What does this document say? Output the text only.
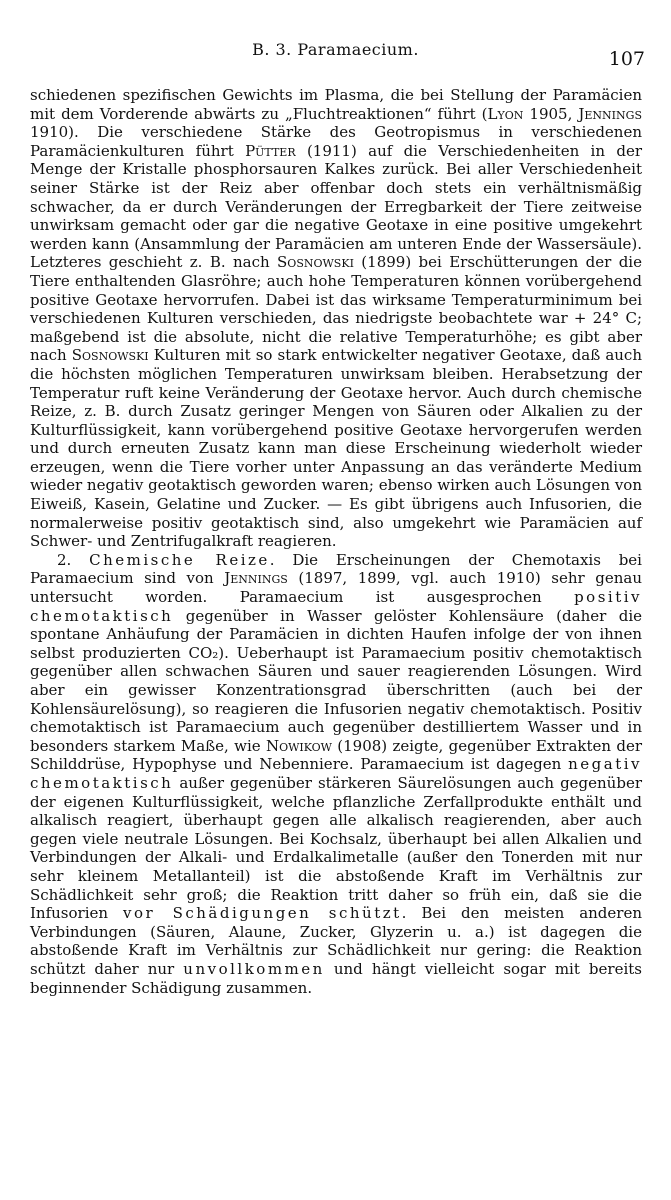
B. 3. Paramaecium.	107

schiedenen spezifischen Gewichts im Plasma, die bei Stellung der Paramäcien mit dem Vorderende abwärts zu „Fluchtreaktionen“ führt (Lyon 1905, Jennings 1910). Die verschiedene Stärke des Geotropismus in verschiedenen Paramäcienkulturen führt Pütter (1911) auf die Verschiedenheiten in der Menge der Kristalle phosphorsauren Kalkes zurück. Bei aller Verschiedenheit seiner Stärke ist der Reiz aber offenbar doch stets ein verhältnismäßig schwacher, da er durch Veränderungen der Erregbarkeit der Tiere zeitweise unwirksam gemacht oder gar die negative Geotaxe in eine positive umgekehrt werden kann (Ansammlung der Paramäcien am unteren Ende der Wassersäule). Letzteres geschieht z. B. nach Sosnowski (1899) bei Erschütterungen der die Tiere enthaltenden Glasröhre; auch hohe Temperaturen können vorübergehend positive Geotaxe hervorrufen. Dabei ist das wirksame Temperaturminimum bei verschiedenen Kulturen verschieden, das niedrigste beobachtete war + 24° C; maßgebend ist die absolute, nicht die relative Temperaturhöhe; es gibt aber nach Sosnowski Kulturen mit so stark entwickelter negativer Geotaxe, daß auch die höchsten möglichen Temperaturen unwirksam bleiben. Herabsetzung der Temperatur ruft keine Veränderung der Geotaxe hervor. Auch durch chemische Reize, z. B. durch Zusatz geringer Mengen von Säuren oder Alkalien zu der Kulturflüssigkeit, kann vorübergehend positive Geotaxe hervorgerufen werden und durch erneuten Zusatz kann man diese Erscheinung wiederholt wieder erzeugen, wenn die Tiere vorher unter Anpassung an das veränderte Medium wieder negativ geotaktisch geworden waren; ebenso wirken auch Lösungen von Eiweiß, Kasein, Gelatine und Zucker. — Es gibt übrigens auch Infusorien, die normalerweise positiv geotaktisch sind, also umgekehrt wie Paramäcien auf Schwer- und Zentrifugalkraft reagieren.

2. Chemische Reize. Die Erscheinungen der Chemotaxis bei Paramaecium sind von Jennings (1897, 1899, vgl. auch 1910) sehr genau untersucht worden. Paramaecium ist ausgesprochen positiv chemotaktisch gegenüber in Wasser gelöster Kohlensäure (daher die spontane Anhäufung der Paramäcien in dichten Haufen infolge der von ihnen selbst produzierten CO₂). Ueberhaupt ist Paramaecium positiv chemotaktisch gegenüber allen schwachen Säuren und sauer reagierenden Lösungen. Wird aber ein gewisser Konzentrationsgrad überschritten (auch bei der Kohlensäurelösung), so reagieren die Infusorien negativ chemotaktisch. Positiv chemotaktisch ist Paramaecium auch gegenüber destilliertem Wasser und in besonders starkem Maße, wie Nowikow (1908) zeigte, gegenüber Extrakten der Schilddrüse, Hypophyse und Nebenniere. Paramaecium ist dagegen negativ chemotaktisch außer gegenüber stärkeren Säurelösungen auch gegenüber der eigenen Kulturflüssigkeit, welche pflanzliche Zerfallprodukte enthält und alkalisch reagiert, überhaupt gegen alle alkalisch reagierenden, aber auch gegen viele neutrale Lösungen. Bei Kochsalz, überhaupt bei allen Alkalien und Verbindungen der Alkali- und Erdalkalimetalle (außer den Tonerden mit nur sehr kleinem Metallanteil) ist die abstoßende Kraft im Verhältnis zur Schädlichkeit sehr groß; die Reaktion tritt daher so früh ein, daß sie die Infusorien vor Schädigungen schützt. Bei den meisten anderen Verbindungen (Säuren, Alaune, Zucker, Glyzerin u. a.) ist dagegen die abstoßende Kraft im Verhältnis zur Schädlichkeit nur gering: die Reaktion schützt daher nur unvollkommen und hängt vielleicht sogar mit bereits beginnender Schädigung zusammen.
